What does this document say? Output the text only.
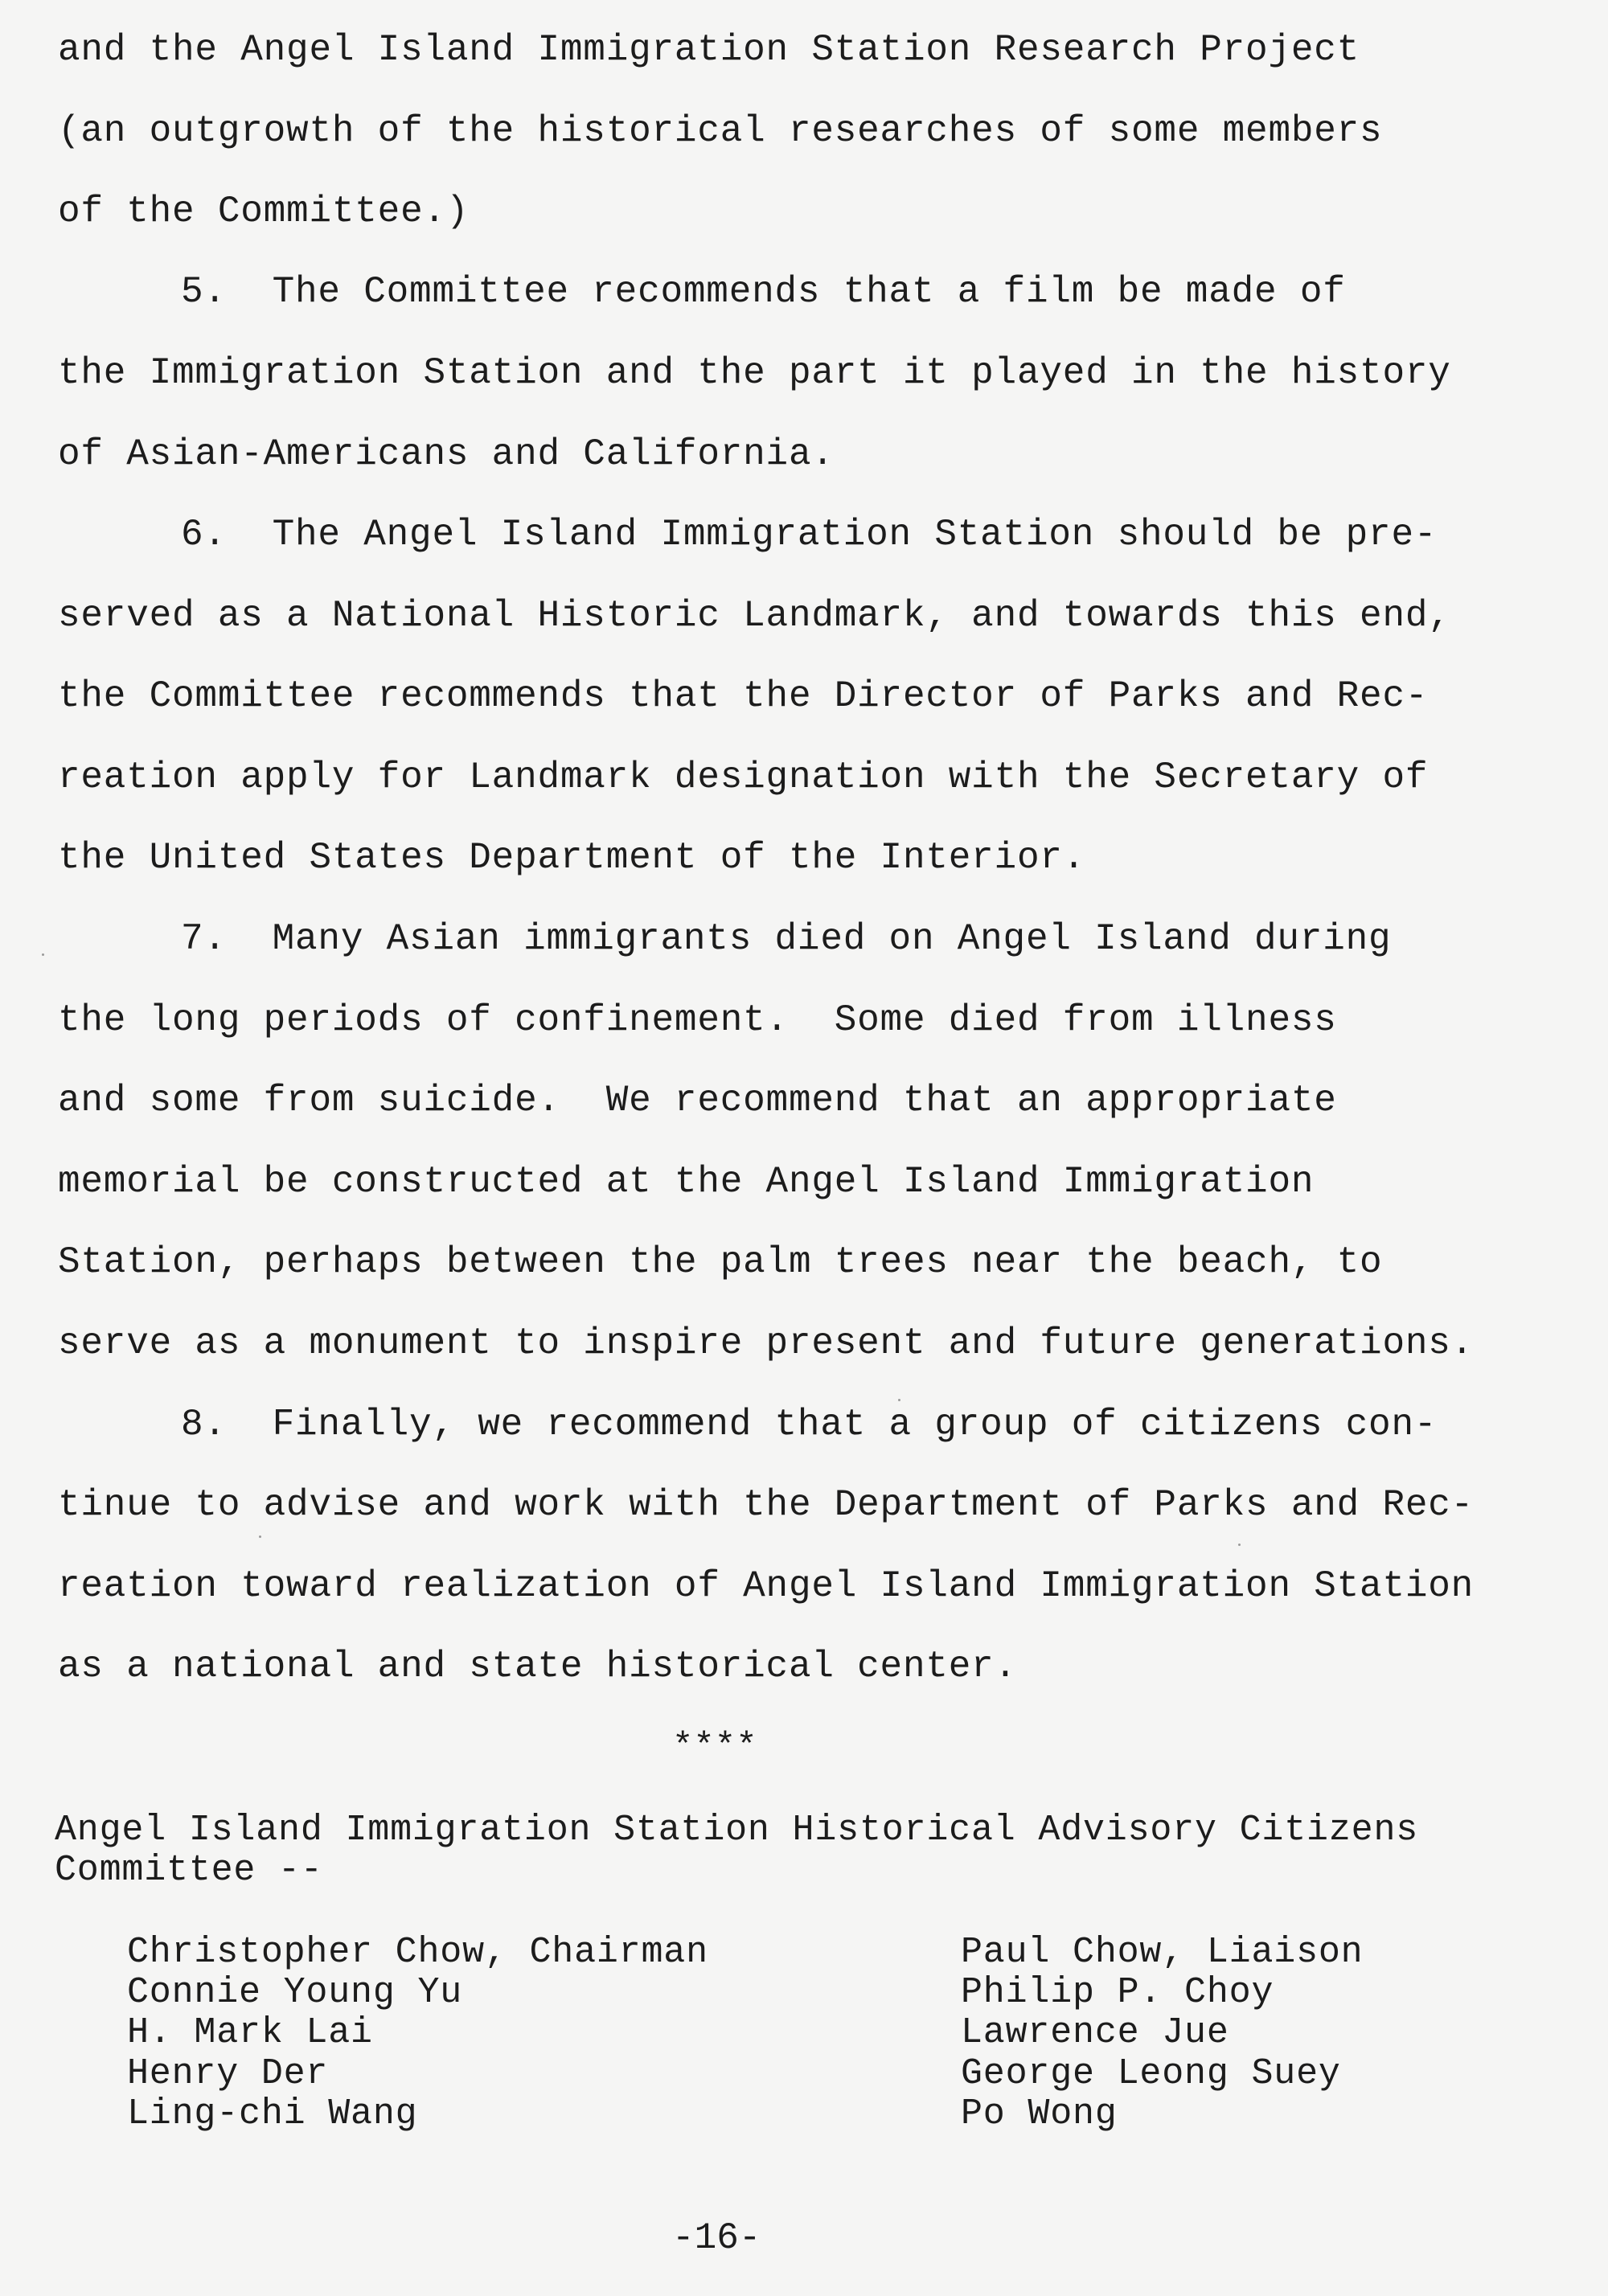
and the Angel Island Immigration Station Research Project
(an outgrowth of the historical researches of some members
of the Committee.)
5.  The Committee recommends that a film be made of
the Immigration Station and the part it played in the history
of Asian-Americans and California.
6.  The Angel Island Immigration Station should be pre-
served as a National Historic Landmark, and towards this end,
the Committee recommends that the Director of Parks and Rec-
reation apply for Landmark designation with the Secretary of
the United States Department of the Interior.
7.  Many Asian immigrants died on Angel Island during
the long periods of confinement.  Some died from illness
and some from suicide.  We recommend that an appropriate
memorial be constructed at the Angel Island Immigration
Station, perhaps between the palm trees near the beach, to
serve as a monument to inspire present and future generations.
8.  Finally, we recommend that a group of citizens con-
tinue to advise and work with the Department of Parks and Rec-
reation toward realization of Angel Island Immigration Station
as a national and state historical center.
****
Angel Island Immigration Station Historical Advisory Citizens
Committee --
Christopher Chow, Chairman
Connie Young Yu
H. Mark Lai
Henry Der
Ling-chi Wang
Paul Chow, Liaison
Philip P. Choy
Lawrence Jue
George Leong Suey
Po Wong
-16-
